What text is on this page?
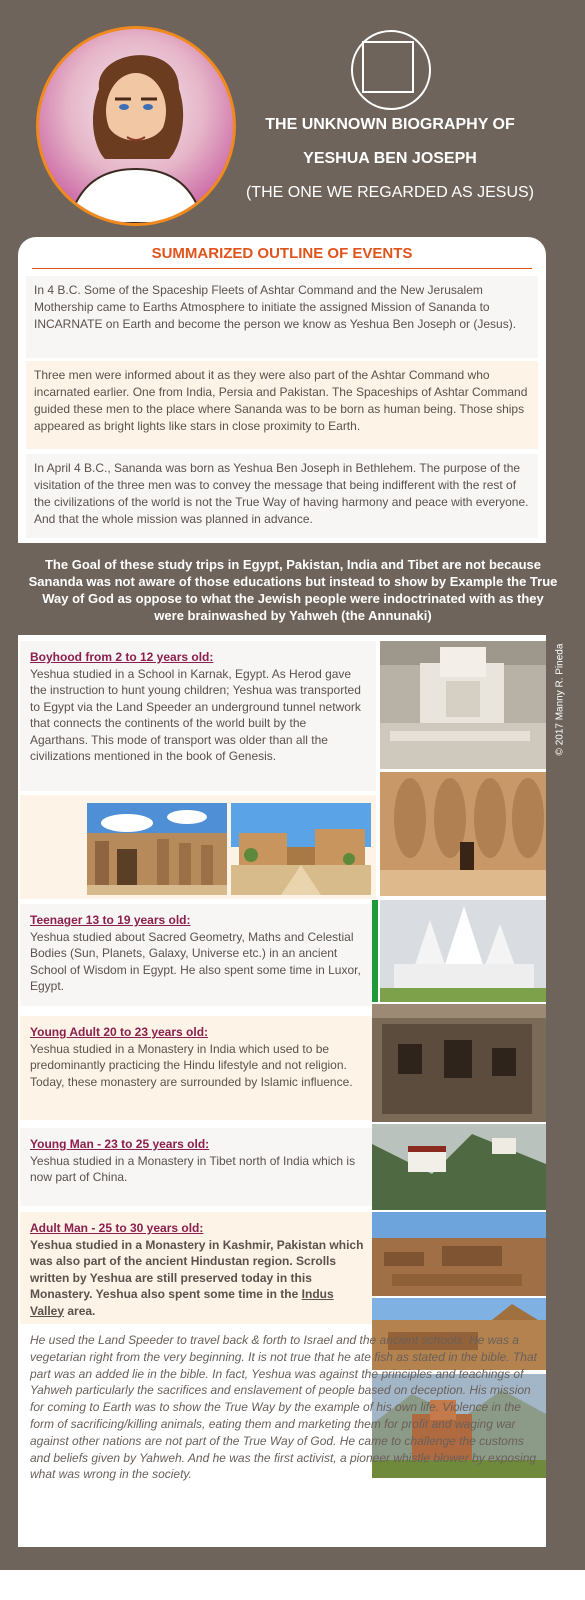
THE UNKNOWN BIOGRAPHY OF
YESHUA BEN JOSEPH
(THE ONE WE REGARDED AS JESUS)
SUMMARIZED OUTLINE OF EVENTS
In 4 B.C. Some of the Spaceship Fleets of Ashtar Command and the New Jerusalem Mothership came to Earths Atmosphere to initiate the assigned Mission of Sananda to INCARNATE on Earth and become the person we know as Yeshua Ben Joseph or (Jesus).
Three men were informed about it as they were also part of the Ashtar Command who incarnated earlier. One from India, Persia and Pakistan. The Spaceships of Ashtar Command guided these men to the place where Sananda was to be born as human being. Those ships appeared as bright lights like stars in close proximity to Earth.
In April 4 B.C., Sananda was born as Yeshua Ben Joseph in Bethlehem. The purpose of the visitation of the three men was to convey the message that being indifferent with the rest of the civilizations of the world is not the True Way of having harmony and peace with everyone. And that the whole mission was planned in advance.
The Goal of these study trips in Egypt, Pakistan, India and Tibet are not because Sananda was not aware of those educations but instead to show by Example the True Way of God as oppose to what the Jewish people were indoctrinated with as they were brainwashed by Yahweh (the Annunaki)
Boyhood from 2 to 12 years old:
Yeshua studied in a School in Karnak, Egypt. As Herod gave the instruction to hunt young children; Yeshua was transported to Egypt via the Land Speeder an underground tunnel network that connects the continents of the world built by the Agarthans. This mode of transport was older than all the civilizations mentioned in the book of Genesis.
Teenager 13 to 19 years old:
Yeshua studied about Sacred Geometry, Maths and Celestial Bodies (Sun, Planets, Galaxy, Universe etc.) in an ancient School of Wisdom in Egypt. He also spent some time in Luxor, Egypt.
Young Adult 20 to 23 years old:
Yeshua studied in a Monastery in India which used to be predominantly practicing the Hindu lifestyle and not religion. Today, these monastery are surrounded by Islamic influence.
Young Man - 23 to 25 years old:
Yeshua studied in a Monastery in Tibet north of India which is now part of China.
Adult Man - 25 to 30 years old:
Yeshua studied in a Monastery in Kashmir, Pakistan which was also part of the ancient Hindustan region. Scrolls written by Yeshua are still preserved today in this Monastery. Yeshua also spent some time in the Indus Valley area.
He used the Land Speeder to travel back & forth to Israel and the ancient schools. He was a vegetarian right from the very beginning. It is not true that he ate fish as stated in the bible. That part was an added lie in the bible. In fact, Yeshua was against the principles and teachings of Yahweh particularly the sacrifices and enslavement of people based on deception. His mission for coming to Earth was to show the True Way by the example of his own life. Violence in the form of sacrificing/killing animals, eating them and marketing them for profit and waging war against other nations are not part of the True Way of God. He came to challenge the customs and beliefs given by Yahweh. And he was the first activist, a pioneer whistle blower by exposing what was wrong in the society.
© 2017 Manny R. Pineda
